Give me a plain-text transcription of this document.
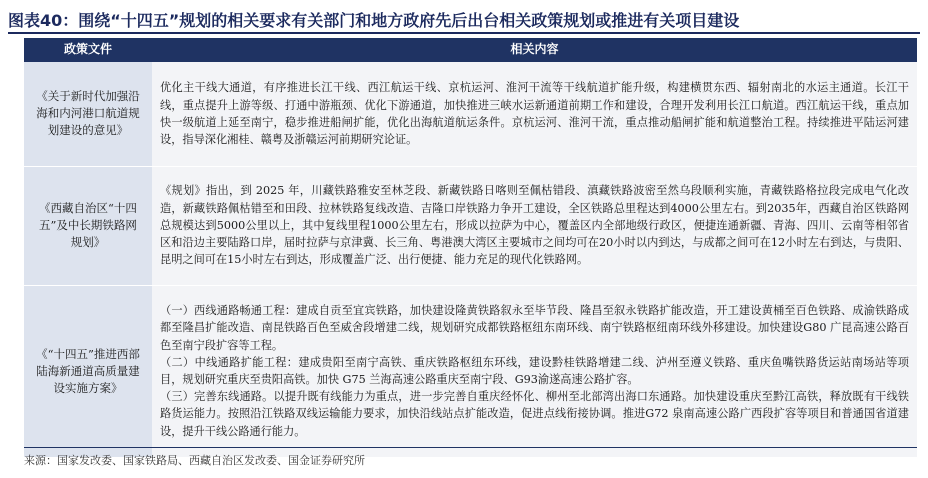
图表40：围绕“十四五”规划的相关要求有关部门和地方政府先后出台相关政策规划或推进有关项目建设
政策文件	相关内容
《关于新时代加强沿海和内河港口航道规划建设的意见》	优化主干线大通道，有序推进长江干线、西江航运干线、京杭运河、淮河干流等干线航道扩能升级，构建横贯东西、辐射南北的水运主通道。长江干线，重点提升上游等级、打通中游瓶颈、优化下游通道，加快推进三峡水运新通道前期工作和建设，合理开发利用长江口航道。西江航运干线，重点加快一级航道上延至南宁，稳步推进船闸扩能，优化出海航道航运条件。京杭运河、淮河干流，重点推动船闸扩能和航道整治工程。持续推进平陆运河建设，指导深化湘桂、赣粤及浙赣运河前期研究论证。

《西藏自治区“十四五”及中长期铁路网规划》	《规划》指出，到 2025 年，川藏铁路雅安至林芝段、新藏铁路日喀则至佩枯错段、滇藏铁路波密至然乌段顺利实施，青藏铁路格拉段完成电气化改造，新藏铁路佩枯错至和田段、拉林铁路复线改造、吉隆口岸铁路力争开工建设，全区铁路总里程达到4000公里左右。到2035年，西藏自治区铁路网总规模达到5000公里以上，其中复线里程1000公里左右，形成以拉萨为中心，覆盖区内全部地级行政区，便捷连通新疆、青海、四川、云南等相邻省区和沿边主要陆路口岸，届时拉萨与京津冀、长三角、粤港澳大湾区主要城市之间均可在20小时以内到达，与成都之间可在12小时左右到达，与贵阳、昆明之间可在15小时左右到达，形成覆盖广泛、出行便捷、能力充足的现代化铁路网。

《“十四五”推进西部陆海新通道高质量建设实施方案》	（一）西线通路畅通工程：建成自贡至宜宾铁路，加快建设隆黄铁路叙永至毕节段、隆昌至叙永铁路扩能改造，开工建设黄桶至百色铁路、成渝铁路成都至隆昌扩能改造、南昆铁路百色至威舍段增建二线，规划研究成都铁路枢纽东南环线、南宁铁路枢纽南环线外移建设。加快建设G80 广昆高速公路百色至南宁段扩容等工程。

（二）中线通路扩能工程：建成贵阳至南宁高铁、重庆铁路枢纽东环线，建设黔桂铁路增建二线、泸州至遵义铁路、重庆鱼嘴铁路货运站南场站等项目，规划研究重庆至贵阳高铁。加快 G75 兰海高速公路重庆至南宁段、G93渝遂高速公路扩容。

（三）完善东线通路。以提升既有线能力为重点，进一步完善自重庆经怀化、柳州至北部湾出海口东通路。加快建设重庆至黔江高铁，释放既有干线铁路货运能力。按照沿江铁路双线运输能力要求，加快沿线站点扩能改造，促进点线衔接协调。推进G72 泉南高速公路广西段扩容等项目和普通国省道建设，提升干线公路通行能力。

来源：国家发改委、国家铁路局、西藏自治区发改委、国金证券研究所
